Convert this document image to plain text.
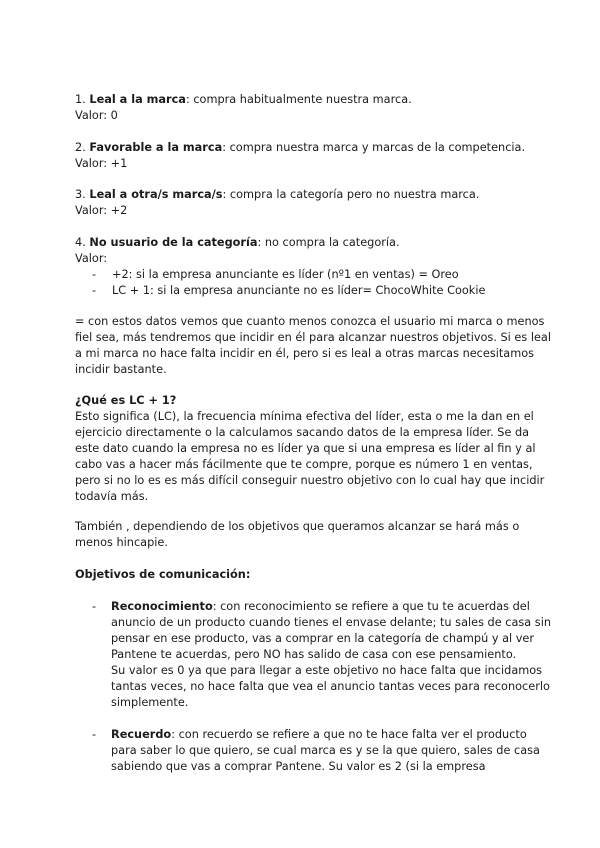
1. Leal a la marca: compra habitualmente nuestra marca.
Valor: 0
2. Favorable a la marca: compra nuestra marca y marcas de la competencia.
Valor: +1
3. Leal a otra/s marca/s: compra la categoría pero no nuestra marca.
Valor: +2
4. No usuario de la categoría: no compra la categoría.
Valor:
- +2: si la empresa anunciante es líder (nº1 en ventas) = Oreo
- LC + 1: si la empresa anunciante no es líder= ChocoWhite Cookie
= con estos datos vemos que cuanto menos conozca el usuario mi marca o menos
fiel sea, más tendremos que incidir en él para alcanzar nuestros objetivos. Si es leal
a mi marca no hace falta incidir en él, pero si es leal a otras marcas necesitamos
incidir bastante.
¿Qué es LC + 1?
Esto significa (LC), la frecuencia mínima efectiva del líder, esta o me la dan en el
ejercicio directamente o la calculamos sacando datos de la empresa líder. Se da
este dato cuando la empresa no es líder ya que si una empresa es líder al fin y al
cabo vas a hacer más fácilmente que te compre, porque es número 1 en ventas,
pero si no lo es es más difícil conseguir nuestro objetivo con lo cual hay que incidir
todavía más.
También , dependiendo de los objetivos que queramos alcanzar se hará más o
menos hincapie.
Objetivos de comunicación:
- Reconocimiento: con reconocimiento se refiere a que tu te acuerdas del
anuncio de un producto cuando tienes el envase delante; tu sales de casa sin
pensar en ese producto, vas a comprar en la categoría de champú y al ver
Pantene te acuerdas, pero NO has salido de casa con ese pensamiento.
Su valor es 0 ya que para llegar a este objetivo no hace falta que incidamos
tantas veces, no hace falta que vea el anuncio tantas veces para reconocerlo
simplemente.
- Recuerdo: con recuerdo se refiere a que no te hace falta ver el producto
para saber lo que quiero, se cual marca es y se la que quiero, sales de casa
sabiendo que vas a comprar Pantene. Su valor es 2 (si la empresa
